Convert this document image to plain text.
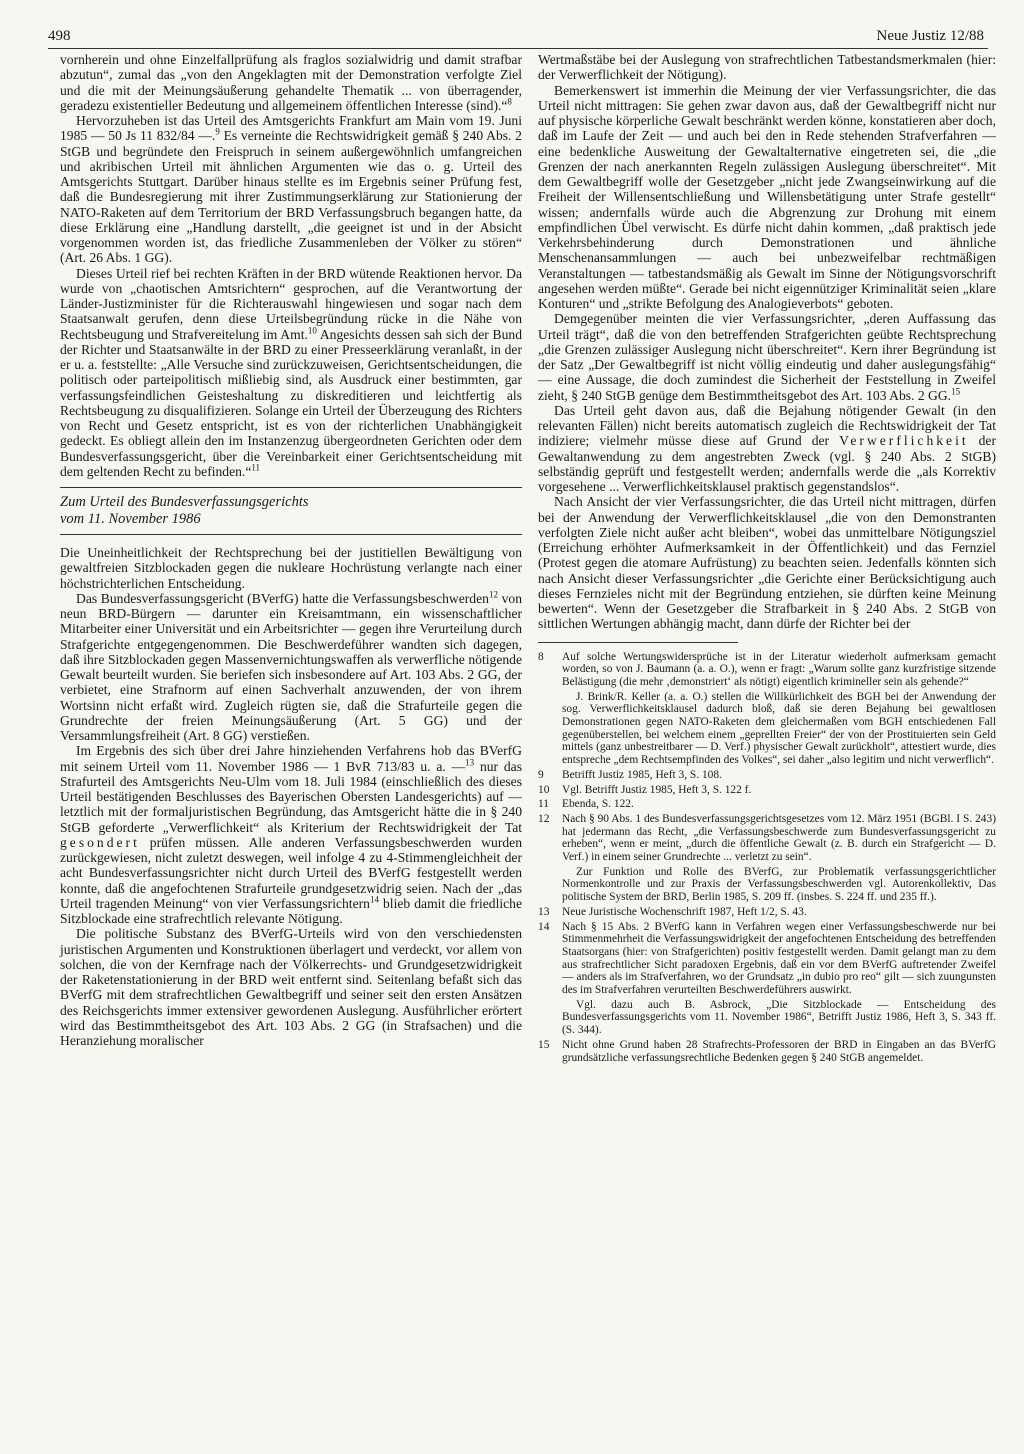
498	Neue Justiz 12/88

vornherein und ohne Einzelfallprüfung als fraglos sozialwidrig und damit strafbar abzutun“, zumal das „von den Angeklagten mit der Demonstration verfolgte Ziel und die mit der Meinungsäußerung gehandelte Thematik ... von überragender, geradezu existentieller Bedeutung und allgemeinem öffentlichen Interesse (sind).“$^8$

Hervorzuheben ist das Urteil des Amtsgerichts Frankfurt am Main vom 19. Juni 1985 — 50 Js 11 832/84 —.$^9$ Es verneinte die Rechtswidrigkeit gemäß § 240 Abs. 2 StGB und begründete den Freispruch in seinem außergewöhnlich umfangreichen und akribischen Urteil mit ähnlichen Argumenten wie das o. g. Urteil des Amtsgerichts Stuttgart. Darüber hinaus stellte es im Ergebnis seiner Prüfung fest, daß die Bundesregierung mit ihrer Zustimmungserklärung zur Stationierung der NATO-Raketen auf dem Territorium der BRD Verfassungsbruch begangen hatte, da diese Erklärung eine „Handlung darstellt, „die geeignet ist und in der Absicht vorgenommen worden ist, das friedliche Zusammenleben der Völker zu stören“ (Art. 26 Abs. 1 GG).

Dieses Urteil rief bei rechten Kräften in der BRD wütende Reaktionen hervor. Da wurde von „chaotischen Amtsrichtern“ gesprochen, auf die Verantwortung der Länder-Justizminister für die Richterauswahl hingewiesen und sogar nach dem Staatsanwalt gerufen, denn diese Urteilsbegründung rücke in die Nähe von Rechtsbeugung und Strafvereitelung im Amt.$^{10}$ Angesichts dessen sah sich der Bund der Richter und Staatsanwälte in der BRD zu einer Presseerklärung veranlaßt, in der er u. a. feststellte: „Alle Versuche sind zurückzuweisen, Gerichtsentscheidungen, die politisch oder parteipolitisch mißliebig sind, als Ausdruck einer bestimmten, gar verfassungsfeindlichen Geisteshaltung zu diskreditieren und leichtfertig als Rechtsbeugung zu disqualifizieren. Solange ein Urteil der Überzeugung des Richters von Recht und Gesetz entspricht, ist es von der richterlichen Unabhängigkeit gedeckt. Es obliegt allein den im Instanzenzug übergeordneten Gerichten oder dem Bundesverfassungsgericht, über die Vereinbarkeit einer Gerichtsentscheidung mit dem geltenden Recht zu befinden.“$^{11}$

Zum Urteil des Bundesverfassungsgerichts
vom 11. November 1986

Die Uneinheitlichkeit der Rechtsprechung bei der justitiellen Bewältigung von gewaltfreien Sitzblockaden gegen die nukleare Hochrüstung verlangte nach einer höchstrichterlichen Entscheidung.

Das Bundesverfassungsgericht (BVerfG) hatte die Verfassungsbeschwerden$^{12}$ von neun BRD-Bürgern — darunter ein Kreisamtmann, ein wissenschaftlicher Mitarbeiter einer Universität und ein Arbeitsrichter — gegen ihre Verurteilung durch Strafgerichte entgegengenommen. Die Beschwerdeführer wandten sich dagegen, daß ihre Sitzblockaden gegen Massenvernichtungswaffen als verwerfliche nötigende Gewalt beurteilt wurden. Sie beriefen sich insbesondere auf Art. 103 Abs. 2 GG, der verbietet, eine Strafnorm auf einen Sachverhalt anzuwenden, der von ihrem Wortsinn nicht erfaßt wird. Zugleich rügten sie, daß die Strafurteile gegen die Grundrechte der freien Meinungsäußerung (Art. 5 GG) und der Versammlungsfreiheit (Art. 8 GG) verstießen.

Im Ergebnis des sich über drei Jahre hinziehenden Verfahrens hob das BVerfG mit seinem Urteil vom 11. November 1986 — 1 BvR 713/83 u. a. —$^{13}$ nur das Strafurteil des Amtsgerichts Neu-Ulm vom 18. Juli 1984 (einschließlich des dieses Urteil bestätigenden Beschlusses des Bayerischen Obersten Landesgerichts) auf — letztlich mit der formaljuristischen Begründung, das Amtsgericht hätte die in § 240 StGB geforderte „Verwerflichkeit“ als Kriterium der Rechtswidrigkeit der Tat gesondert prüfen müssen. Alle anderen Verfassungsbeschwerden wurden zurückgewiesen, nicht zuletzt deswegen, weil infolge 4 zu 4-Stimmengleichheit der acht Bundesverfassungsrichter nicht durch Urteil des BVerfG festgestellt werden konnte, daß die angefochtenen Strafurteile grundgesetzwidrig seien. Nach der „das Urteil tragenden Meinung“ von vier Verfassungsrichtern$^{14}$ blieb damit die friedliche Sitzblockade eine strafrechtlich relevante Nötigung.

Die politische Substanz des BVerfG-Urteils wird von den verschiedensten juristischen Argumenten und Konstruktionen überlagert und verdeckt, vor allem von solchen, die von der Kernfrage nach der Völkerrechts- und Grundgesetzwidrigkeit der Raketenstationierung in der BRD weit entfernt sind. Seitenlang befaßt sich das BVerfG mit dem strafrechtlichen Gewaltbegriff und seiner seit den ersten Ansätzen des Reichsgerichts immer extensiver gewordenen Auslegung. Ausführlicher erörtert wird das Bestimmtheitsgebot des Art. 103 Abs. 2 GG (in Strafsachen) und die Heranziehung moralischer

Wertmaßstäbe bei der Auslegung von strafrechtlichen Tatbestandsmerkmalen (hier: der Verwerflichkeit der Nötigung).

Bemerkenswert ist immerhin die Meinung der vier Verfassungsrichter, die das Urteil nicht mittragen: Sie gehen zwar davon aus, daß der Gewaltbegriff nicht nur auf physische körperliche Gewalt beschränkt werden könne, konstatieren aber doch, daß im Laufe der Zeit — und auch bei den in Rede stehenden Strafverfahren — eine bedenkliche Ausweitung der Gewaltalternative eingetreten sei, die „die Grenzen der nach anerkannten Regeln zulässigen Auslegung überschreitet“. Mit dem Gewaltbegriff wolle der Gesetzgeber „nicht jede Zwangseinwirkung auf die Freiheit der Willensentschließung und Willensbetätigung unter Strafe gestellt“ wissen; andernfalls würde auch die Abgrenzung zur Drohung mit einem empfindlichen Übel verwischt. Es dürfe nicht dahin kommen, „daß praktisch jede Verkehrsbehinderung durch Demonstrationen und ähnliche Menschenansammlungen — auch bei unbezweifelbar rechtmäßigen Veranstaltungen — tatbestandsmäßig als Gewalt im Sinne der Nötigungsvorschrift angesehen werden müßte“. Gerade bei nicht eigennütziger Kriminalität seien „klare Konturen“ und „strikte Befolgung des Analogieverbots“ geboten.

Demgegenüber meinten die vier Verfassungsrichter, „deren Auffassung das Urteil trägt“, daß die von den betreffenden Strafgerichten geübte Rechtsprechung „die Grenzen zulässiger Auslegung nicht überschreitet“. Kern ihrer Begründung ist der Satz „Der Gewaltbegriff ist nicht völlig eindeutig und daher auslegungsfähig“ — eine Aussage, die doch zumindest die Sicherheit der Feststellung in Zweifel zieht, § 240 StGB genüge dem Bestimmtheitsgebot des Art. 103 Abs. 2 GG.$^{15}$

Das Urteil geht davon aus, daß die Bejahung nötigender Gewalt (in den relevanten Fällen) nicht bereits automatisch zugleich die Rechtswidrigkeit der Tat indiziere; vielmehr müsse diese auf Grund der Verwerflichkeit der Gewaltanwendung zu dem angestrebten Zweck (vgl. § 240 Abs. 2 StGB) selbständig geprüft und festgestellt werden; andernfalls werde die „als Korrektiv vorgesehene ... Verwerflichkeitsklausel praktisch gegenstandslos“.

Nach Ansicht der vier Verfassungsrichter, die das Urteil nicht mittragen, dürfen bei der Anwendung der Verwerflichkeitsklausel „die von den Demonstranten verfolgten Ziele nicht außer acht bleiben“, wobei das unmittelbare Nötigungsziel (Erreichung erhöhter Aufmerksamkeit in der Öffentlichkeit) und das Fernziel (Protest gegen die atomare Aufrüstung) zu beachten seien. Jedenfalls könnten sich nach Ansicht dieser Verfassungsrichter „die Gerichte einer Berücksichtigung auch dieses Fernzieles nicht mit der Begründung entziehen, sie dürften keine Meinung bewerten“. Wenn der Gesetzgeber die Strafbarkeit in § 240 Abs. 2 StGB von sittlichen Wertungen abhängig macht, dann dürfe der Richter bei der

8	Auf solche Wertungswidersprüche ist in der Literatur wiederholt aufmerksam gemacht worden, so von J. Baumann (a. a. O.), wenn er fragt: „Warum sollte ganz kurzfristige sitzende Belästigung (die mehr ‚demonstriert‘ als nötigt) eigentlich krimineller sein als gehende?“
J. Brink/R. Keller (a. a. O.) stellen die Willkürlichkeit des BGH bei der Anwendung der sog. Verwerflichkeitsklausel dadurch bloß, daß sie deren Bejahung bei gewaltlosen Demonstrationen gegen NATO-Raketen dem gleichermaßen vom BGH entschiedenen Fall gegenüberstellen, bei welchem einem „geprellten Freier“ der von der Prostituierten sein Geld mittels (ganz unbestreitbarer — D. Verf.) physischer Gewalt zurückholt“, attestiert wurde, dies entspreche „dem Rechtsempfinden des Volkes“, sei daher „also legitim und nicht verwerflich“.
9	Betrifft Justiz 1985, Heft 3, S. 108.
10	Vgl. Betrifft Justiz 1985, Heft 3, S. 122 f.
11	Ebenda, S. 122.
12	Nach § 90 Abs. 1 des Bundesverfassungsgerichtsgesetzes vom 12. März 1951 (BGBl. I S. 243) hat jedermann das Recht, „die Verfassungsbeschwerde zum Bundesverfassungsgericht zu erheben“, wenn er meint, „durch die öffentliche Gewalt (z. B. durch ein Strafgericht — D. Verf.) in einem seiner Grundrechte ... verletzt zu sein“.
Zur Funktion und Rolle des BVerfG, zur Problematik verfassungsgerichtlicher Normenkontrolle und zur Praxis der Verfassungsbeschwerden vgl. Autorenkollektiv, Das politische System der BRD, Berlin 1985, S. 209 ff. (insbes. S. 224 ff. und 235 ff.).
13	Neue Juristische Wochenschrift 1987, Heft 1/2, S. 43.
14	Nach § 15 Abs. 2 BVerfG kann in Verfahren wegen einer Verfassungsbeschwerde nur bei Stimmenmehrheit die Verfassungswidrigkeit der angefochtenen Entscheidung des betreffenden Staatsorgans (hier: von Strafgerichten) positiv festgestellt werden. Damit gelangt man zu dem aus strafrechtlicher Sicht paradoxen Ergebnis, daß ein vor dem BVerfG auftretender Zweifel — anders als im Strafverfahren, wo der Grundsatz „in dubio pro reo“ gilt — sich zuungunsten des im Strafverfahren verurteilten Beschwerdeführers auswirkt.
Vgl. dazu auch B. Asbrock, „Die Sitzblockade — Entscheidung des Bundesverfassungsgerichts vom 11. November 1986“, Betrifft Justiz 1986, Heft 3, S. 343 ff. (S. 344).
15	Nicht ohne Grund haben 28 Strafrechts-Professoren der BRD in Eingaben an das BVerfG grundsätzliche verfassungsrechtliche Bedenken gegen § 240 StGB angemeldet.
